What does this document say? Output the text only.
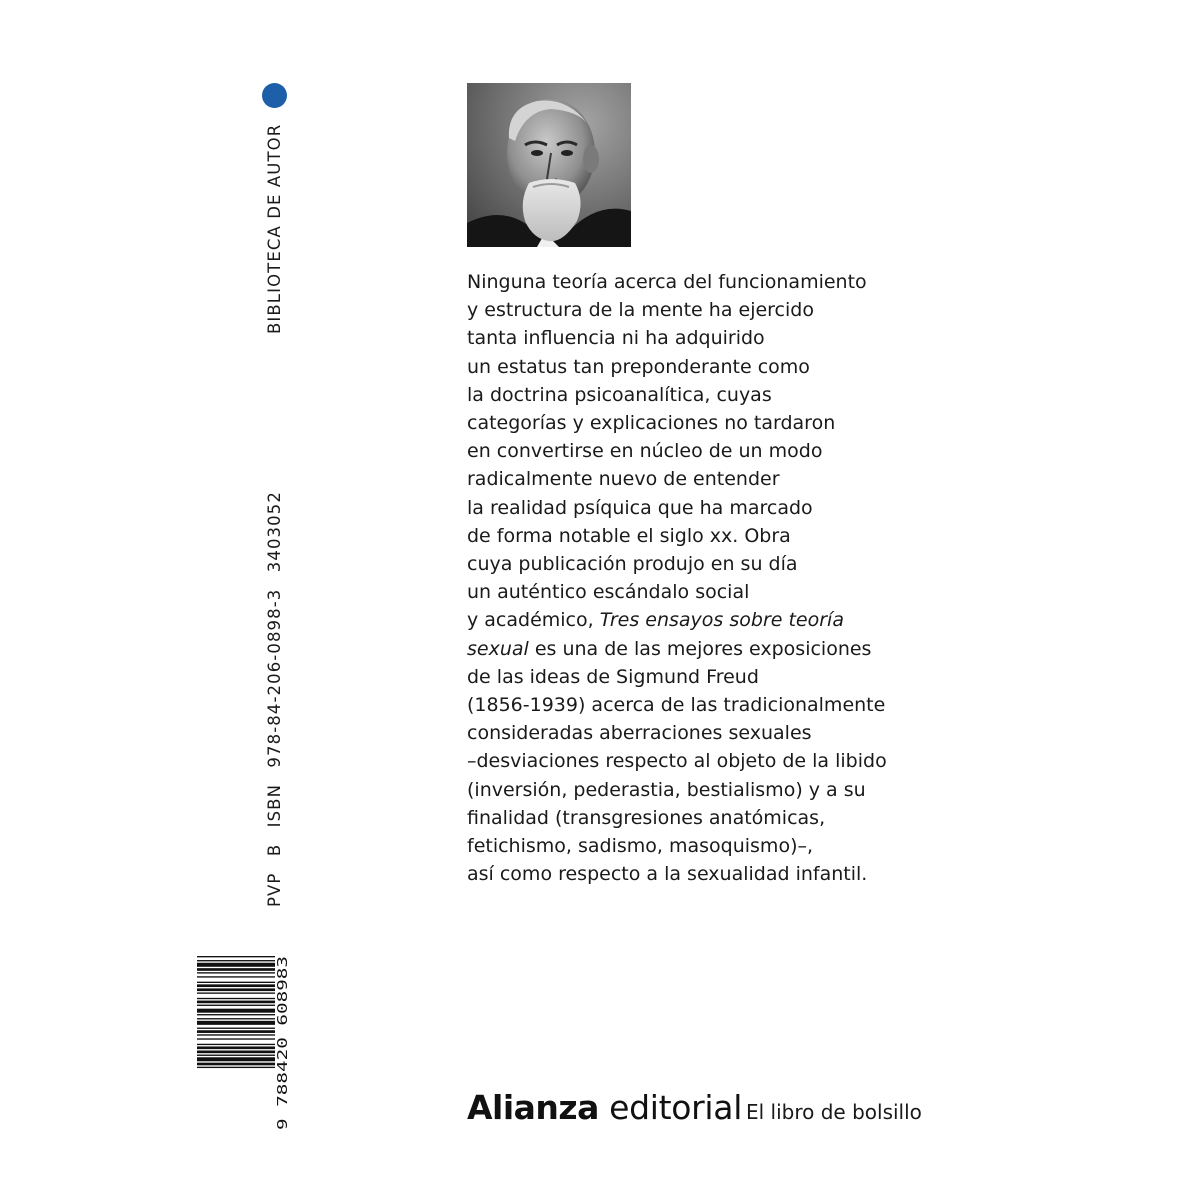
BIBLIOTECA DE AUTOR
PVP B ISBN 978-84-206-0898-3 3403052
9 788420 608983
Ninguna teoría acerca del funcionamiento
y estructura de la mente ha ejercido
tanta influencia ni ha adquirido
un estatus tan preponderante como
la doctrina psicoanalítica, cuyas
categorías y explicaciones no tardaron
en convertirse en núcleo de un modo
radicalmente nuevo de entender
la realidad psíquica que ha marcado
de forma notable el siglo xx. Obra
cuya publicación produjo en su día
un auténtico escándalo social
y académico, Tres ensayos sobre teoría
sexual es una de las mejores exposiciones
de las ideas de Sigmund Freud
(1856-1939) acerca de las tradicionalmente
consideradas aberraciones sexuales
–desviaciones respecto al objeto de la libido
(inversión, pederastia, bestialismo) y a su
finalidad (transgresiones anatómicas,
fetichismo, sadismo, masoquismo)–,
así como respecto a la sexualidad infantil.
Alianza editorial El libro de bolsillo
